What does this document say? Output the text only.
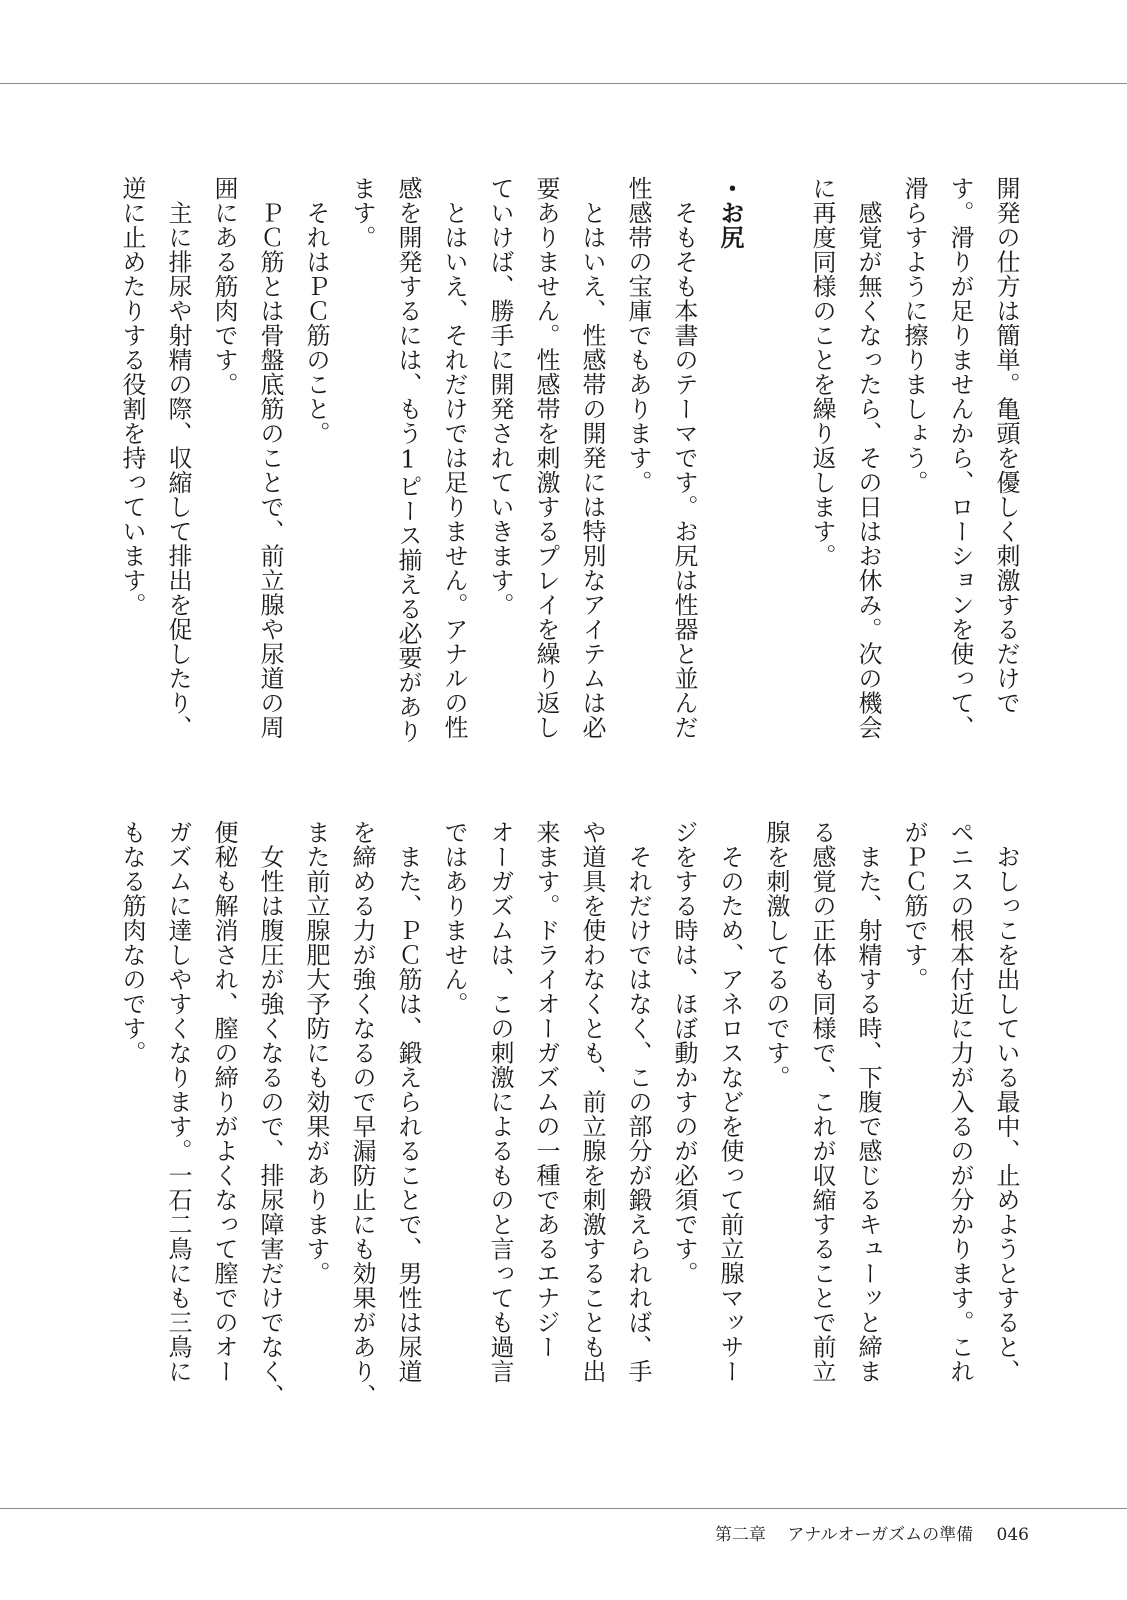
開発の仕方は簡単。亀頭を優しく刺激するだけで
す。滑りが足りませんから、ローションを使って、
滑らすように擦りましょう。
　感覚が無くなったら、その日はお休み。次の機会
に再度同様のことを繰り返します。

・お尻
　そもそも本書のテーマです。お尻は性器と並んだ
性感帯の宝庫でもあります。
　とはいえ、性感帯の開発には特別なアイテムは必
要ありません。性感帯を刺激するプレイを繰り返し
ていけば、勝手に開発されていきます。
　とはいえ、それだけでは足りません。アナルの性
感を開発するには、もう1ピース揃える必要があり
ます。
　それはＰＣ筋のこと。
　ＰＣ筋とは骨盤底筋のことで、前立腺や尿道の周
囲にある筋肉です。
　主に排尿や射精の際、収縮して排出を促したり、
逆に止めたりする役割を持っています。
　おしっこを出している最中、止めようとすると、
ペニスの根本付近に力が入るのが分かります。これ
がＰＣ筋です。
　また、射精する時、下腹で感じるキューッと締ま
る感覚の正体も同様で、これが収縮することで前立
腺を刺激してるのです。
　そのため、アネロスなどを使って前立腺マッサー
ジをする時は、ほぼ動かすのが必須です。
　それだけではなく、この部分が鍛えられれば、手
や道具を使わなくとも、前立腺を刺激することも出
来ます。ドライオーガズムの一種であるエナジー
オーガズムは、この刺激によるものと言っても過言
ではありません。
　また、ＰＣ筋は、鍛えられることで、男性は尿道
を締める力が強くなるので早漏防止にも効果があり、
また前立腺肥大予防にも効果があります。
　女性は腹圧が強くなるので、排尿障害だけでなく、
便秘も解消され、膣の締りがよくなって膣でのオー
ガズムに達しやすくなります。一石二鳥にも三鳥に
もなる筋肉なのです。
第二章 アナルオーガズムの準備 046
